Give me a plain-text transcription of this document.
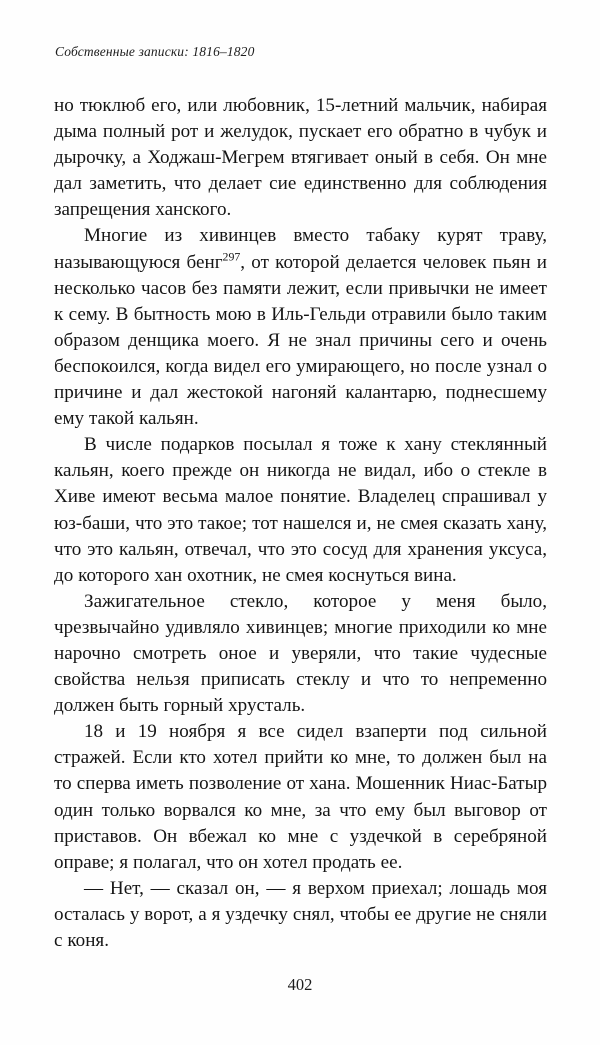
Собственные записки: 1816–1820

но тюклюб его, или любовник, 15-летний мальчик, набирая дыма полный рот и желудок, пускает его обратно в чубук и дырочку, а Ходжаш-Мегрем втягивает оный в себя. Он мне дал заметить, что делает сие единственно для соблюдения запрещения ханского.

Многие из хивинцев вместо табаку курят траву, называющуюся бенг$^{297}$, от которой делается человек пьян и несколько часов без памяти лежит, если привычки не имеет к сему. В бытность мою в Иль-Гельди отравили было таким образом денщика моего. Я не знал причины сего и очень беспокоился, когда видел его умирающего, но после узнал о причине и дал жестокой нагоняй калантарю, поднесшему ему такой кальян.

В числе подарков посылал я тоже к хану стеклянный кальян, коего прежде он никогда не видал, ибо о стекле в Хиве имеют весьма малое понятие. Владелец спрашивал у юз-баши, что это такое; тот нашелся и, не смея сказать хану, что это кальян, отвечал, что это сосуд для хранения уксуса, до которого хан охотник, не смея коснуться вина.

Зажигательное стекло, которое у меня было, чрезвычайно удивляло хивинцев; многие приходили ко мне нарочно смотреть оное и уверяли, что такие чудесные свойства нельзя приписать стеклу и что то непременно должен быть горный хрусталь.

18 и 19 ноября я все сидел взаперти под сильной стражей. Если кто хотел прийти ко мне, то должен был на то сперва иметь позволение от хана. Мошенник Ниас-Батыр один только ворвался ко мне, за что ему был выговор от приставов. Он вбежал ко мне с уздечкой в серебряной оправе; я полагал, что он хотел продать ее.

— Нет, — сказал он, — я верхом приехал; лошадь моя осталась у ворот, а я уздечку снял, чтобы ее другие не сняли с коня.

402
